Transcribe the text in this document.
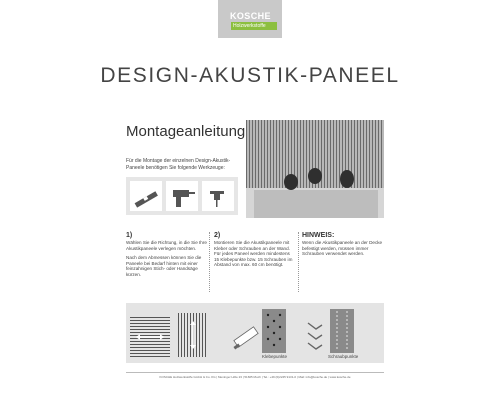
KOSCHE
Holzwerkstoffe
DESIGN-AKUSTIK-PANEEL
Montageanleitung
Für die Montage der einzelnen Design-Akustik-Paneele benötigen Sie folgende Werkzeuge:
1)
Wählen Sie die Richtung, in die Sie Ihre Akustikpaneele verlegen möchten.
Nach dem Abmessen können Sie die Paneele bei Bedarf hinten mit einer feinzahnigen Stich- oder Handsäge kürzen.
2)
Montieren Sie die Akustikpaneele mit Kleber oder Schrauben an der Wand. Für jedes Paneel werden mindestens 15 Klebepunkte bzw. 15 Schrauben im Abstand von max. 60 cm benötigt.
HINWEIS:
Wenn die Akustikpaneele an der Decke befestigt werden, müssen immer Schrauben verwendet werden.
Klebepunkte	Schraubpunkte
KOSCHE Holzwerkstoffe GmbH & Co. KG | Meninger Höfe 23 | 51665 Much | Tel.: +49 (0)2245 9131-0 | Mail: info@kosche.de | www.kosche.de
